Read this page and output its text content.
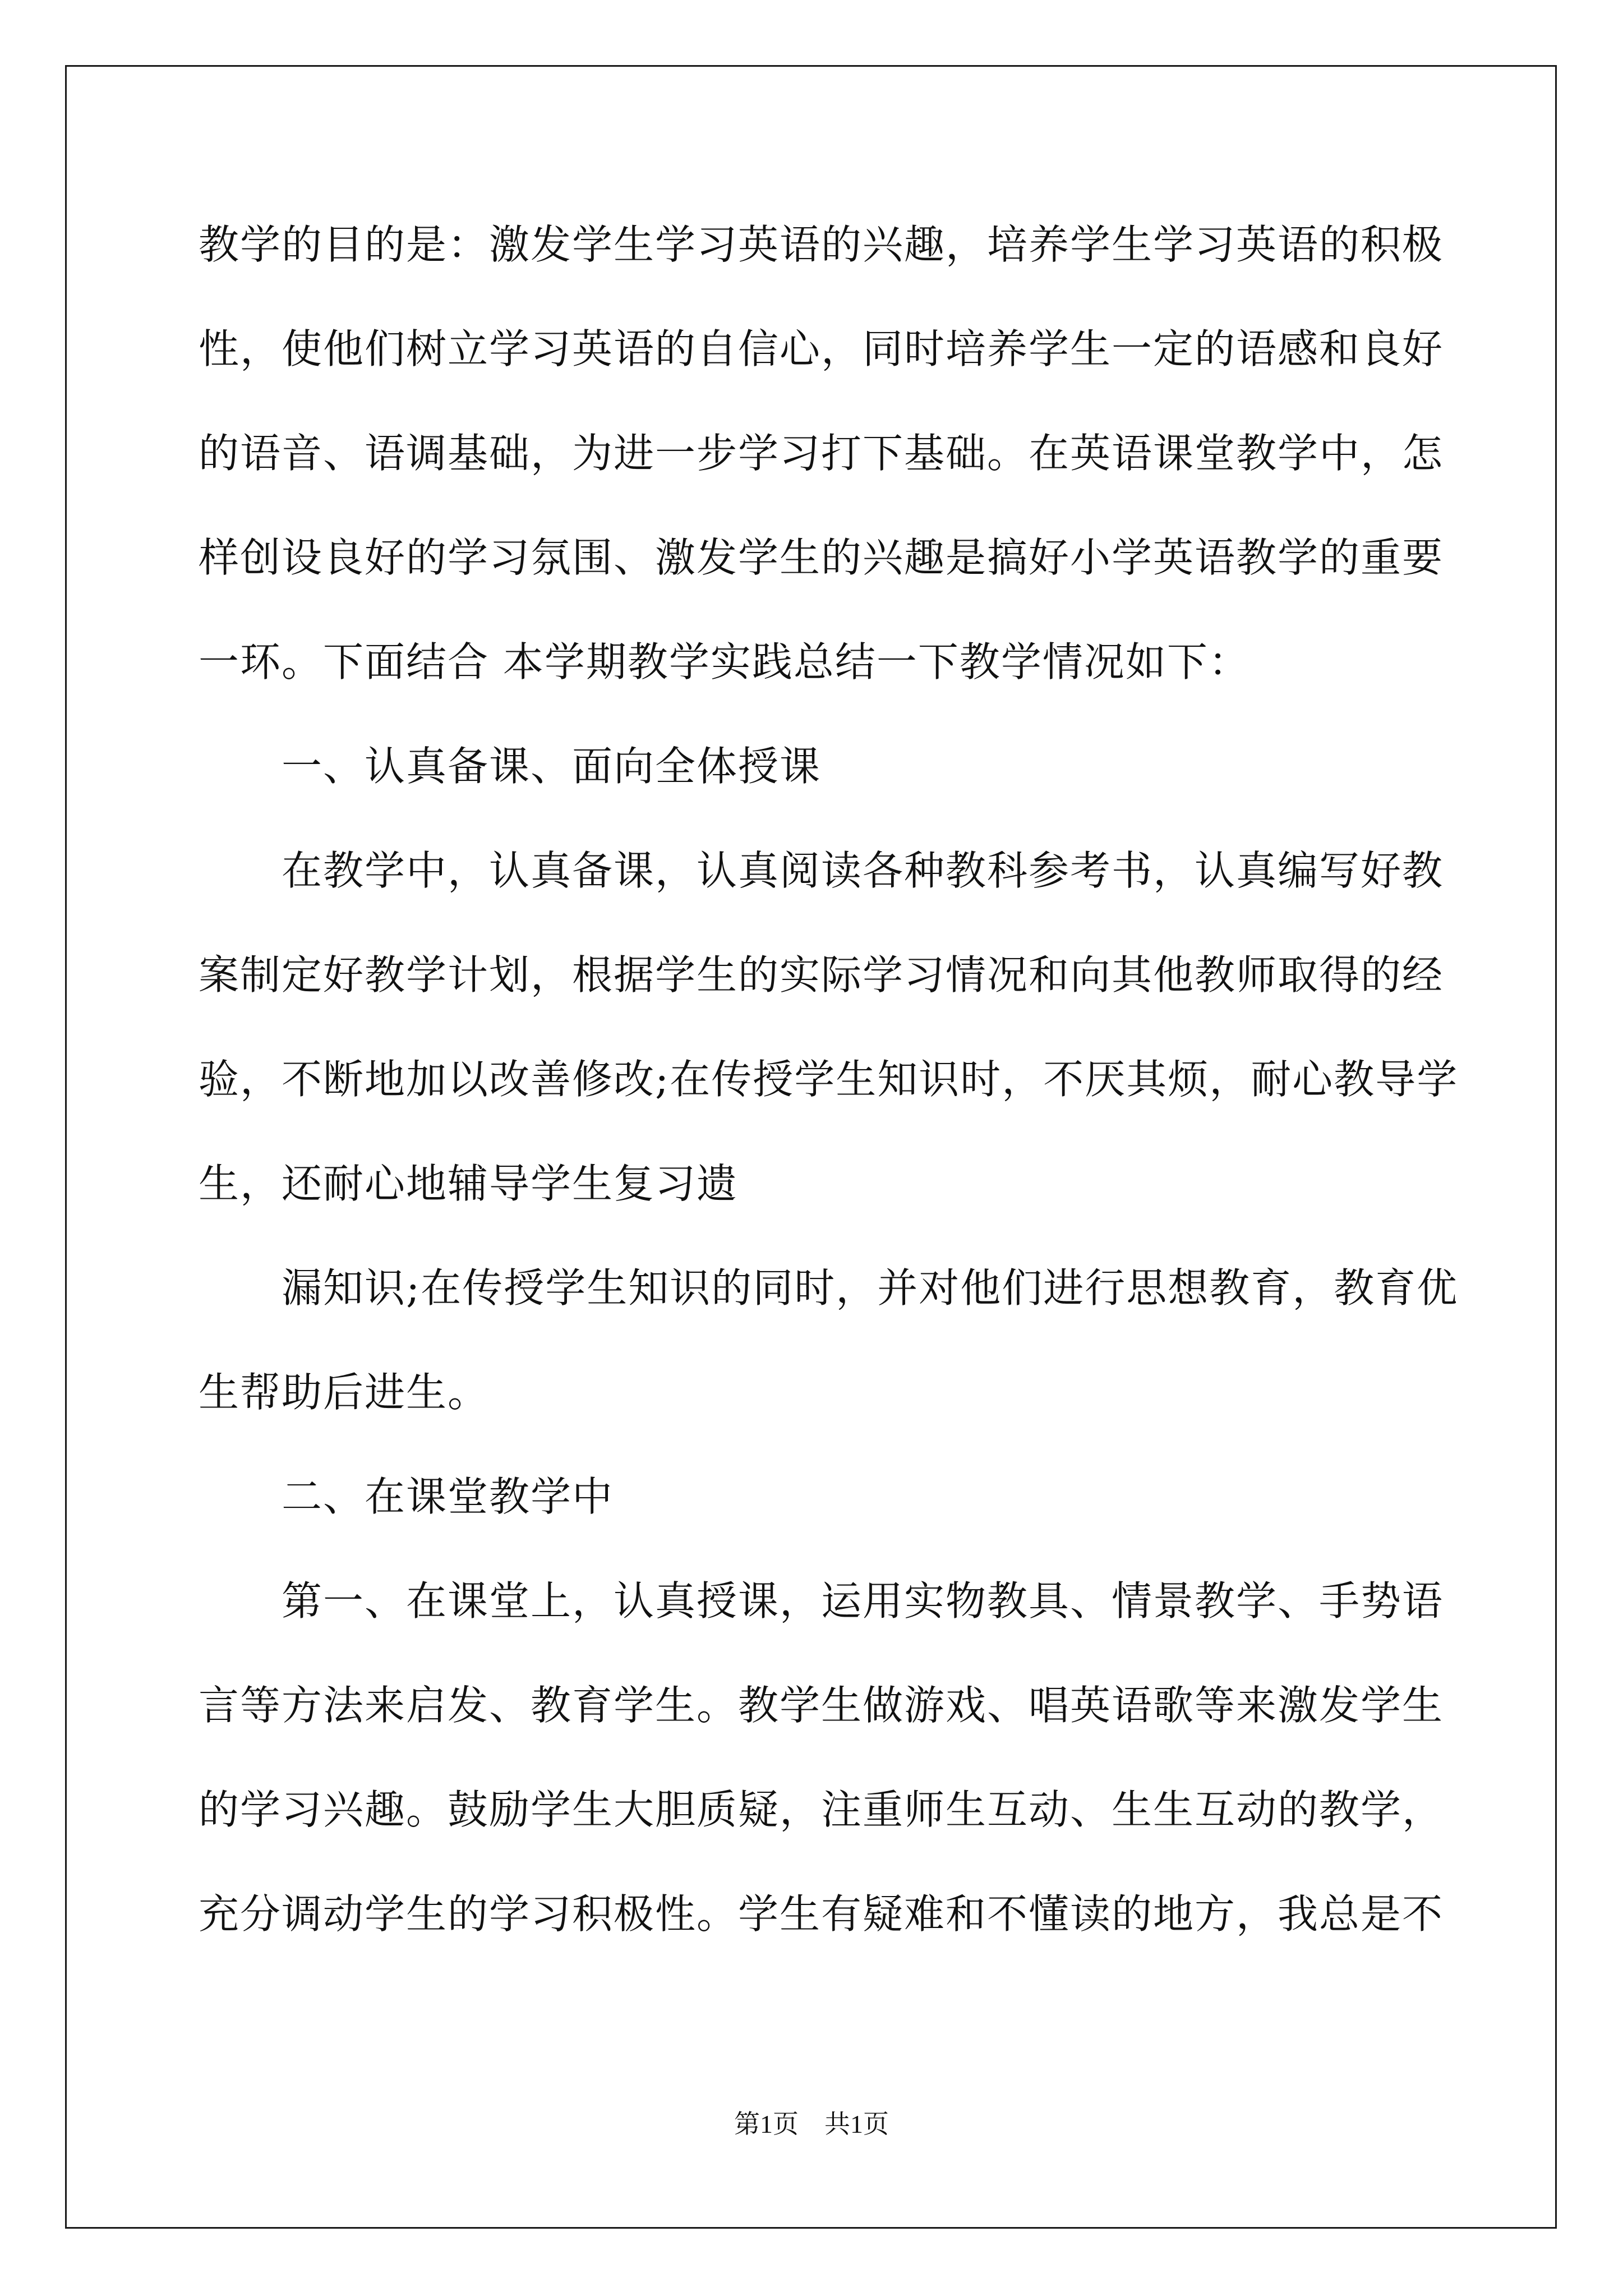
教学的目的是：激发学生学习英语的兴趣，培养学生学习英语的积极
性，使他们树立学习英语的自信心，同时培养学生一定的语感和良好
的语音、语调基础，为进一步学习打下基础。在英语课堂教学中，怎
样创设良好的学习氛围、激发学生的兴趣是搞好小学英语教学的重要
一环。下面结合 本学期教学实践总结一下教学情况如下：
一、认真备课、面向全体授课
在教学中，认真备课，认真阅读各种教科参考书，认真编写好教
案制定好教学计划，根据学生的实际学习情况和向其他教师取得的经
验，不断地加以改善修改;在传授学生知识时，不厌其烦，耐心教导学
生，还耐心地辅导学生复习遗
漏知识;在传授学生知识的同时，并对他们进行思想教育，教育优
生帮助后进生。
二、在课堂教学中
第一、在课堂上，认真授课，运用实物教具、情景教学、手势语
言等方法来启发、教育学生。教学生做游戏、唱英语歌等来激发学生
的学习兴趣。鼓励学生大胆质疑，注重师生互动、生生互动的教学，
充分调动学生的学习积极性。学生有疑难和不懂读的地方，我总是不
第1页　共1页
